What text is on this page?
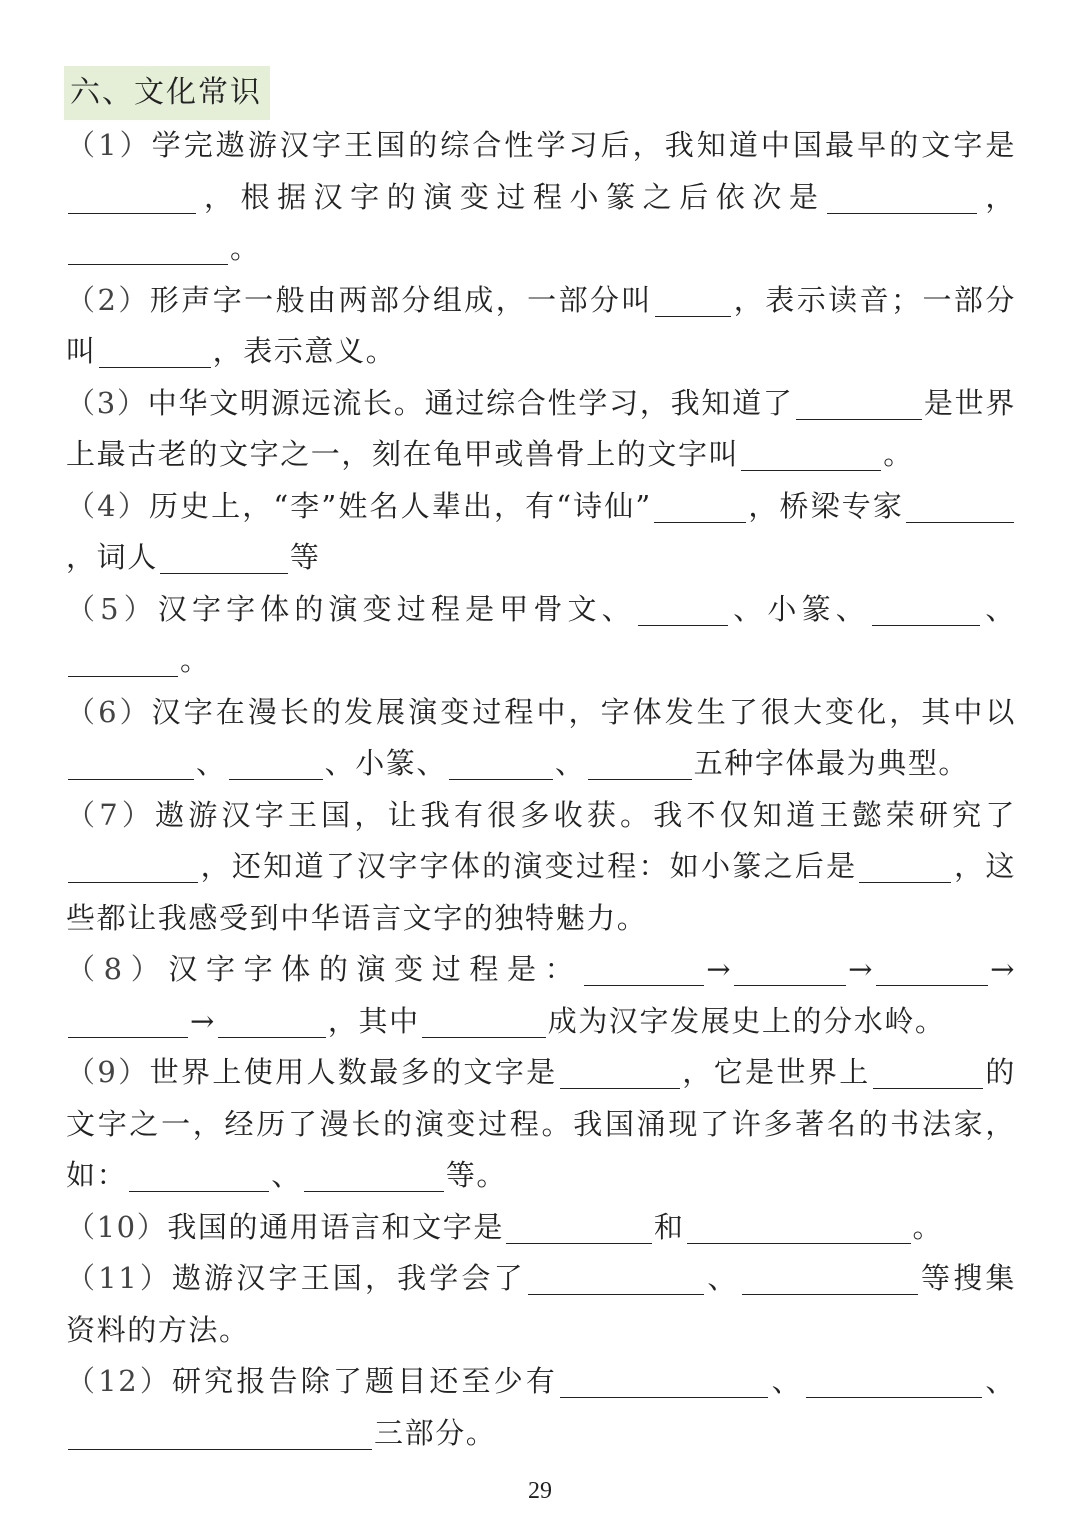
六、文化常识
（1）学完遨游汉字王国的综合性学习后，我知道中国最早的文字是，根据汉字的演变过程小篆之后依次是	，。
（2）形声字一般由两部分组成，一部分叫	，表示读音；一部分叫	，表示意义。
（3）中华文明源远流长。通过综合性学习，我知道了	是世界上最古老的文字之一，刻在龟甲或兽骨上的文字叫	。
（4）历史上，“李”姓名人辈出，有“诗仙”	，桥梁专家，词人	等
（5）汉字字体的演变过程是甲骨文、	、小篆、	、。
（6）汉字在漫长的发展演变过程中，字体发生了很大变化，其中以、	、小篆、	、	五种字体最为典型。
（7）遨游汉字王国，让我有很多收获。我不仅知道王懿荣研究了，还知道了汉字字体的演变过程：如小篆之后是	，这些都让我感受到中华语言文字的独特魅力。
（8）汉字字体的演变过程是：	→	→	→→	，其中	成为汉字发展史上的分水岭。
（9）世界上使用人数最多的文字是	，它是世界上	的文字之一，经历了漫长的演变过程。我国涌现了许多著名的书法家，如：	、	等。
（10）我国的通用语言和文字是	和	。
（11）遨游汉字王国，我学会了	、	等搜集资料的方法。
（12）研究报告除了题目还至少有	、	、三部分。
29
